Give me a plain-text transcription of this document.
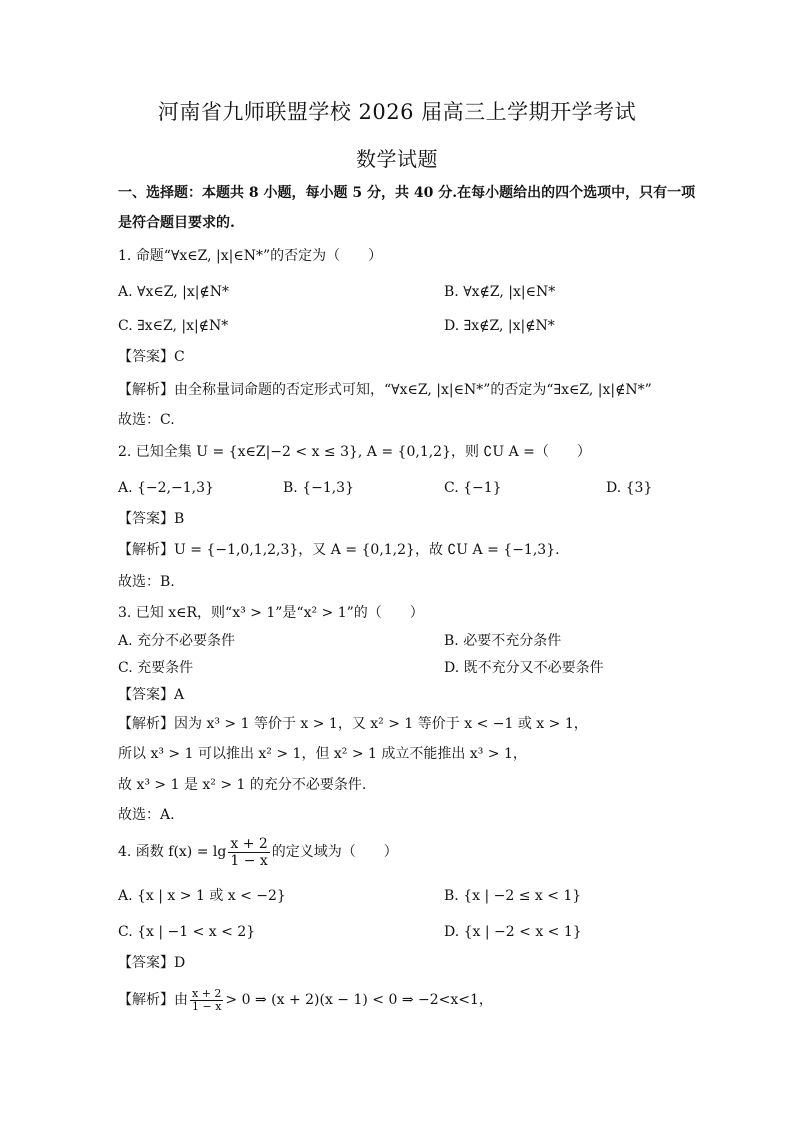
河南省九师联盟学校 2026 届高三上学期开学考试
数学试题
一、选择题：本题共 8 小题，每小题 5 分，共 40 分.在每小题给出的四个选项中，只有一项
是符合题目要求的.
1. 命题“∀x∈Z, |x|∈N*”的否定为（　　）
A. ∀x∈Z, |x|∉N*	B. ∀x∉Z, |x|∈N*
C. ∃x∈Z, |x|∉N*	D. ∃x∉Z, |x|∉N*
【答案】C
【解析】由全称量词命题的否定形式可知，“∀x∈Z, |x|∈N*”的否定为“∃x∈Z, |x|∉N*”
故选：C.
2. 已知全集 U = {x∈Z|−2 < x ≤ 3}, A = {0,1,2}，则 ∁U A =（　　）
A. {−2,−1,3}	B. {−1,3}	C. {−1}	D. {3}
【答案】B
【解析】U = {−1,0,1,2,3}，又 A = {0,1,2}，故 ∁U A = {−1,3}.
故选：B.
3. 已知 x∈R，则“x³ > 1”是“x² > 1”的（　　）
A. 充分不必要条件	B. 必要不充分条件
C. 充要条件	D. 既不充分又不必要条件
【答案】A
【解析】因为 x³ > 1 等价于 x > 1，又 x² > 1 等价于 x < −1 或 x > 1，
所以 x³ > 1 可以推出 x² > 1，但 x² > 1 成立不能推出 x³ > 1，
故 x³ > 1 是 x² > 1 的充分不必要条件.
故选：A.
4. 函数 $f(x) = \lg \frac{x + 2}{1 - x}$ 的定义域为（　　）
A. {x | x > 1 或 x < −2}	B. {x | −2 ≤ x < 1}
C. {x | −1 < x < 2}	D. {x | −2 < x < 1}
【答案】D
【解析】由 $\frac{x + 2}{1 - x} > 0$ ⇒ (x + 2)(x − 1) < 0 ⇒ −2<x<1，
